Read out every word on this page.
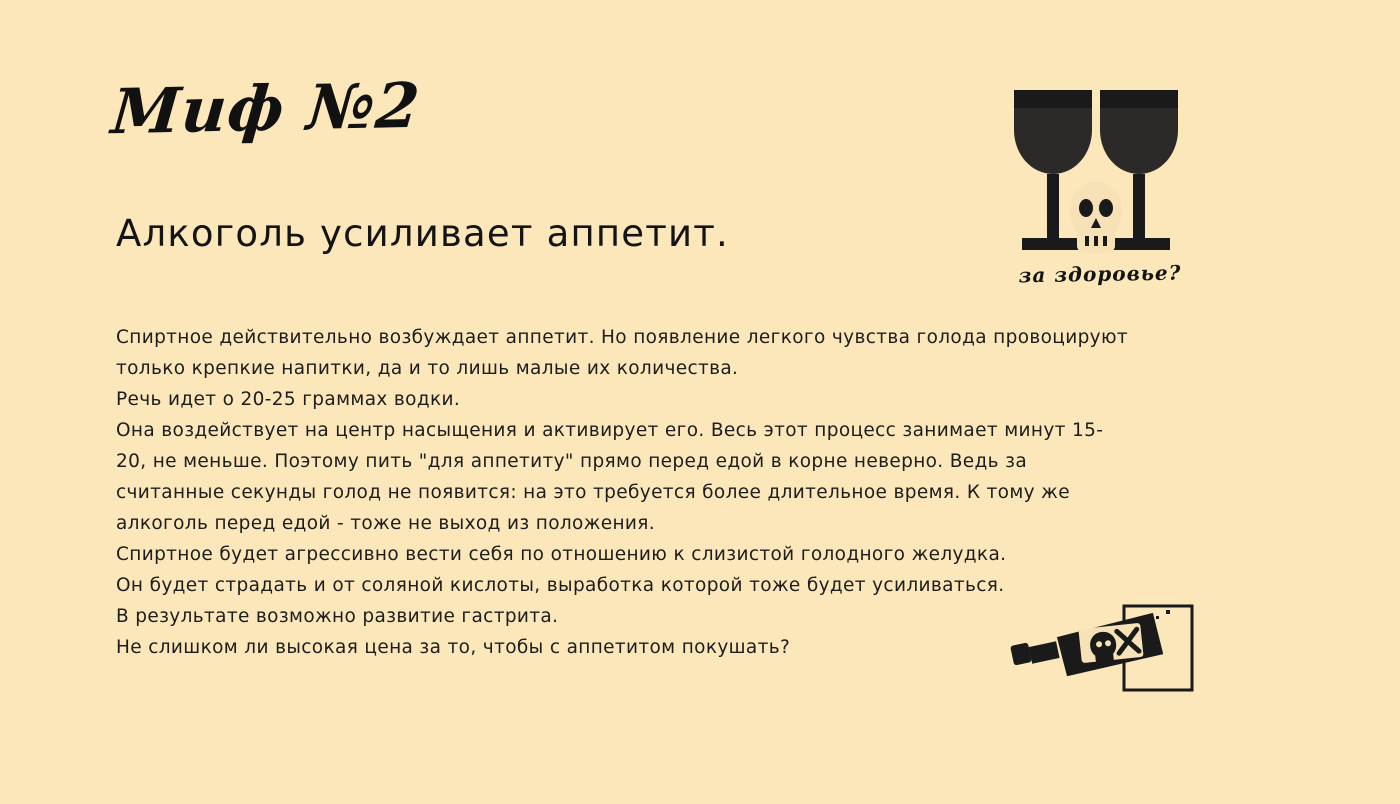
Миф №2
Алкоголь усиливает аппетит.

Спиртное действительно возбуждает аппетит. Но появление легкого чувства голода провоцируют только крепкие напитки, да и то лишь малые их количества.

Речь идет о 20-25 граммах водки.

Она воздействует на центр насыщения и активирует его. Весь этот процесс занимает минут 15-20, не меньше. Поэтому пить "для аппетиту" прямо перед едой в корне неверно. Ведь за считанные секунды голод не появится: на это требуется более длительное время. К тому же алкоголь перед едой - тоже не выход из положения.

Спиртное будет агрессивно вести себя по отношению к слизистой голодного желудка.

Он будет страдать и от соляной кислоты, выработка которой тоже будет усиливаться.

В результате возможно развитие гастрита.

Не слишком ли высокая цена за то, чтобы с аппетитом покушать?

за здоровье?
